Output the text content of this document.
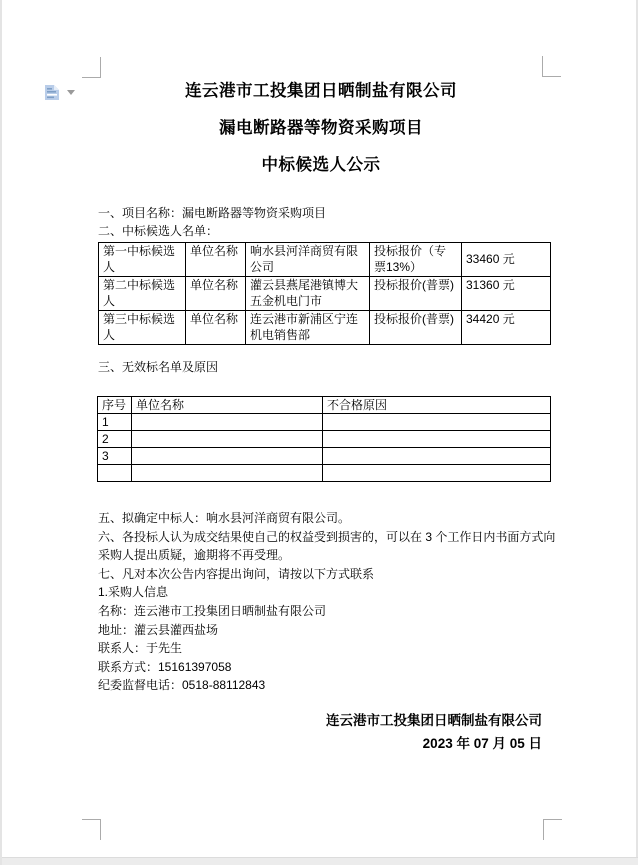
连云港市工投集团日晒制盐有限公司
漏电断路器等物资采购项目
中标候选人公示
一、项目名称：漏电断路器等物资采购项目
二、中标候选人名单：
第一中标候选人	单位名称	响水县河洋商贸有限公司	投标报价（专票13%）	33460 元
第二中标候选人	单位名称	灌云县燕尾港镇博大五金机电门市	投标报价(普票)	31360 元
第三中标候选人	单位名称	连云港市新浦区宁连机电销售部	投标报价(普票)	34420 元
三、无效标名单及原因
序号	单位名称	不合格原因
1		
2		
3		

五、拟确定中标人：响水县河洋商贸有限公司。
六、各投标人认为成交结果使自己的权益受到损害的，可以在 3 个工作日内书面方式向采购人提出质疑，逾期将不再受理。
七、凡对本次公告内容提出询问，请按以下方式联系
1.采购人信息
名称：连云港市工投集团日晒制盐有限公司
地址：灌云县灌西盐场
联系人：于先生
联系方式：15161397058
纪委监督电话：0518-88112843
连云港市工投集团日晒制盐有限公司
2023 年 07 月 05 日
